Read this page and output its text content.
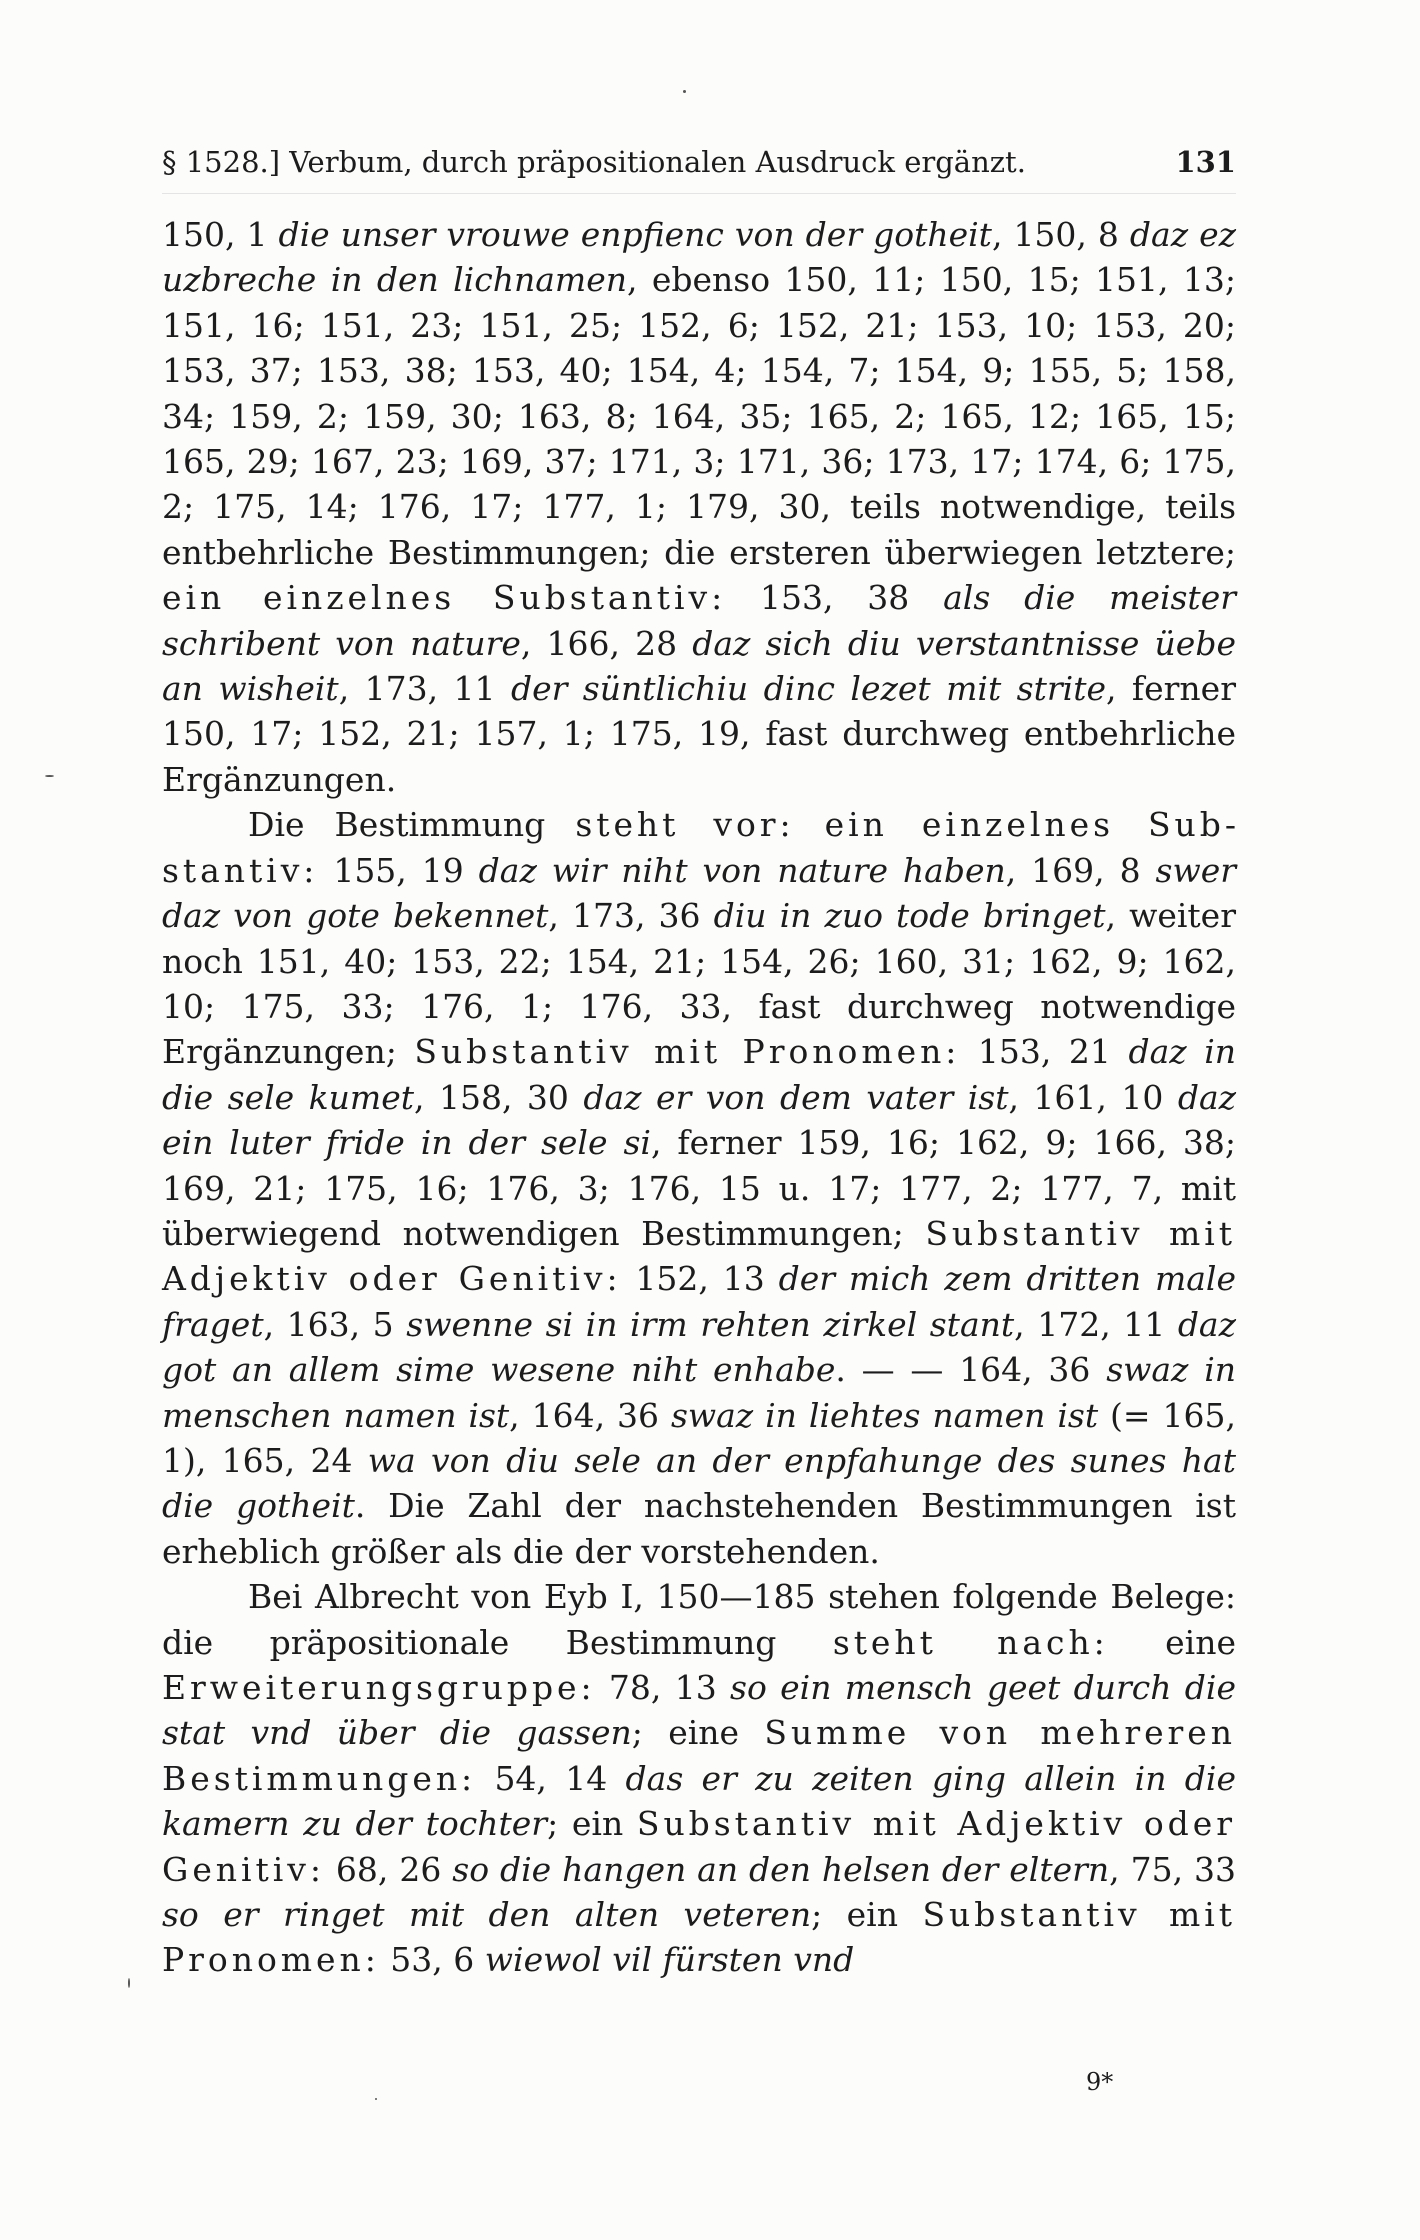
§ 1528.] Verbum, durch präpositionalen Ausdruck ergänzt.	131

150, 1 die unser vrouwe enpfienc von der gotheit, 150, 8 daz ez uzbreche in den lichnamen, ebenso 150, 11; 150, 15; 151, 13; 151, 16; 151, 23; 151, 25; 152, 6; 152, 21; 153, 10; 153, 20; 153, 37; 153, 38; 153, 40; 154, 4; 154, 7; 154, 9; 155, 5; 158, 34; 159, 2; 159, 30; 163, 8; 164, 35; 165, 2; 165, 12; 165, 15; 165, 29; 167, 23; 169, 37; 171, 3; 171, 36; 173, 17; 174, 6; 175, 2; 175, 14; 176, 17; 177, 1; 179, 30, teils notwendige, teils entbehrliche Bestimmungen; die ersteren überwiegen letztere; ein einzelnes Substantiv: 153, 38 als die meister schribent von nature, 166, 28 daz sich diu verstantnisse üebe an wisheit, 173, 11 der süntlichiu dinc lezet mit strite, ferner 150, 17; 152, 21; 157, 1; 175, 19, fast durchweg entbehrliche Ergänzungen.

Die Bestimmung steht vor: ein einzelnes Substantiv: 155, 19 daz wir niht von nature haben, 169, 8 swer daz von gote bekennet, 173, 36 diu in zuo tode bringet, weiter noch 151, 40; 153, 22; 154, 21; 154, 26; 160, 31; 162, 9; 162, 10; 175, 33; 176, 1; 176, 33, fast durchweg notwendige Ergänzungen; Substantiv mit Pronomen: 153, 21 daz in die sele kumet, 158, 30 daz er von dem vater ist, 161, 10 daz ein luter fride in der sele si, ferner 159, 16; 162, 9; 166, 38; 169, 21; 175, 16; 176, 3; 176, 15 u. 17; 177, 2; 177, 7, mit überwiegend notwendigen Bestimmungen; Substantiv mit Adjektiv oder Genitiv: 152, 13 der mich zem dritten male fraget, 163, 5 swenne si in irm rehten zirkel stant, 172, 11 daz got an allem sime wesene niht enhabe. — — 164, 36 swaz in menschen namen ist, 164, 36 swaz in liehtes namen ist (= 165, 1), 165, 24 wa von diu sele an der enpfahunge des sunes hat die gotheit. Die Zahl der nachstehenden Bestimmungen ist erheblich größer als die der vorstehenden.

Bei Albrecht von Eyb I, 150—185 stehen folgende Belege: die präpositionale Bestimmung steht nach: eine Erweiterungsgruppe: 78, 13 so ein mensch geet durch die stat vnd über die gassen; eine Summe von mehreren Bestimmungen: 54, 14 das er zu zeiten ging allein in die kamern zu der tochter; ein Substantiv mit Adjektiv oder Genitiv: 68, 26 so die hangen an den helsen der eltern, 75, 33 so er ringet mit den alten veteren; ein Substantiv mit Pronomen: 53, 6 wiewol vil fürsten vnd

9*
